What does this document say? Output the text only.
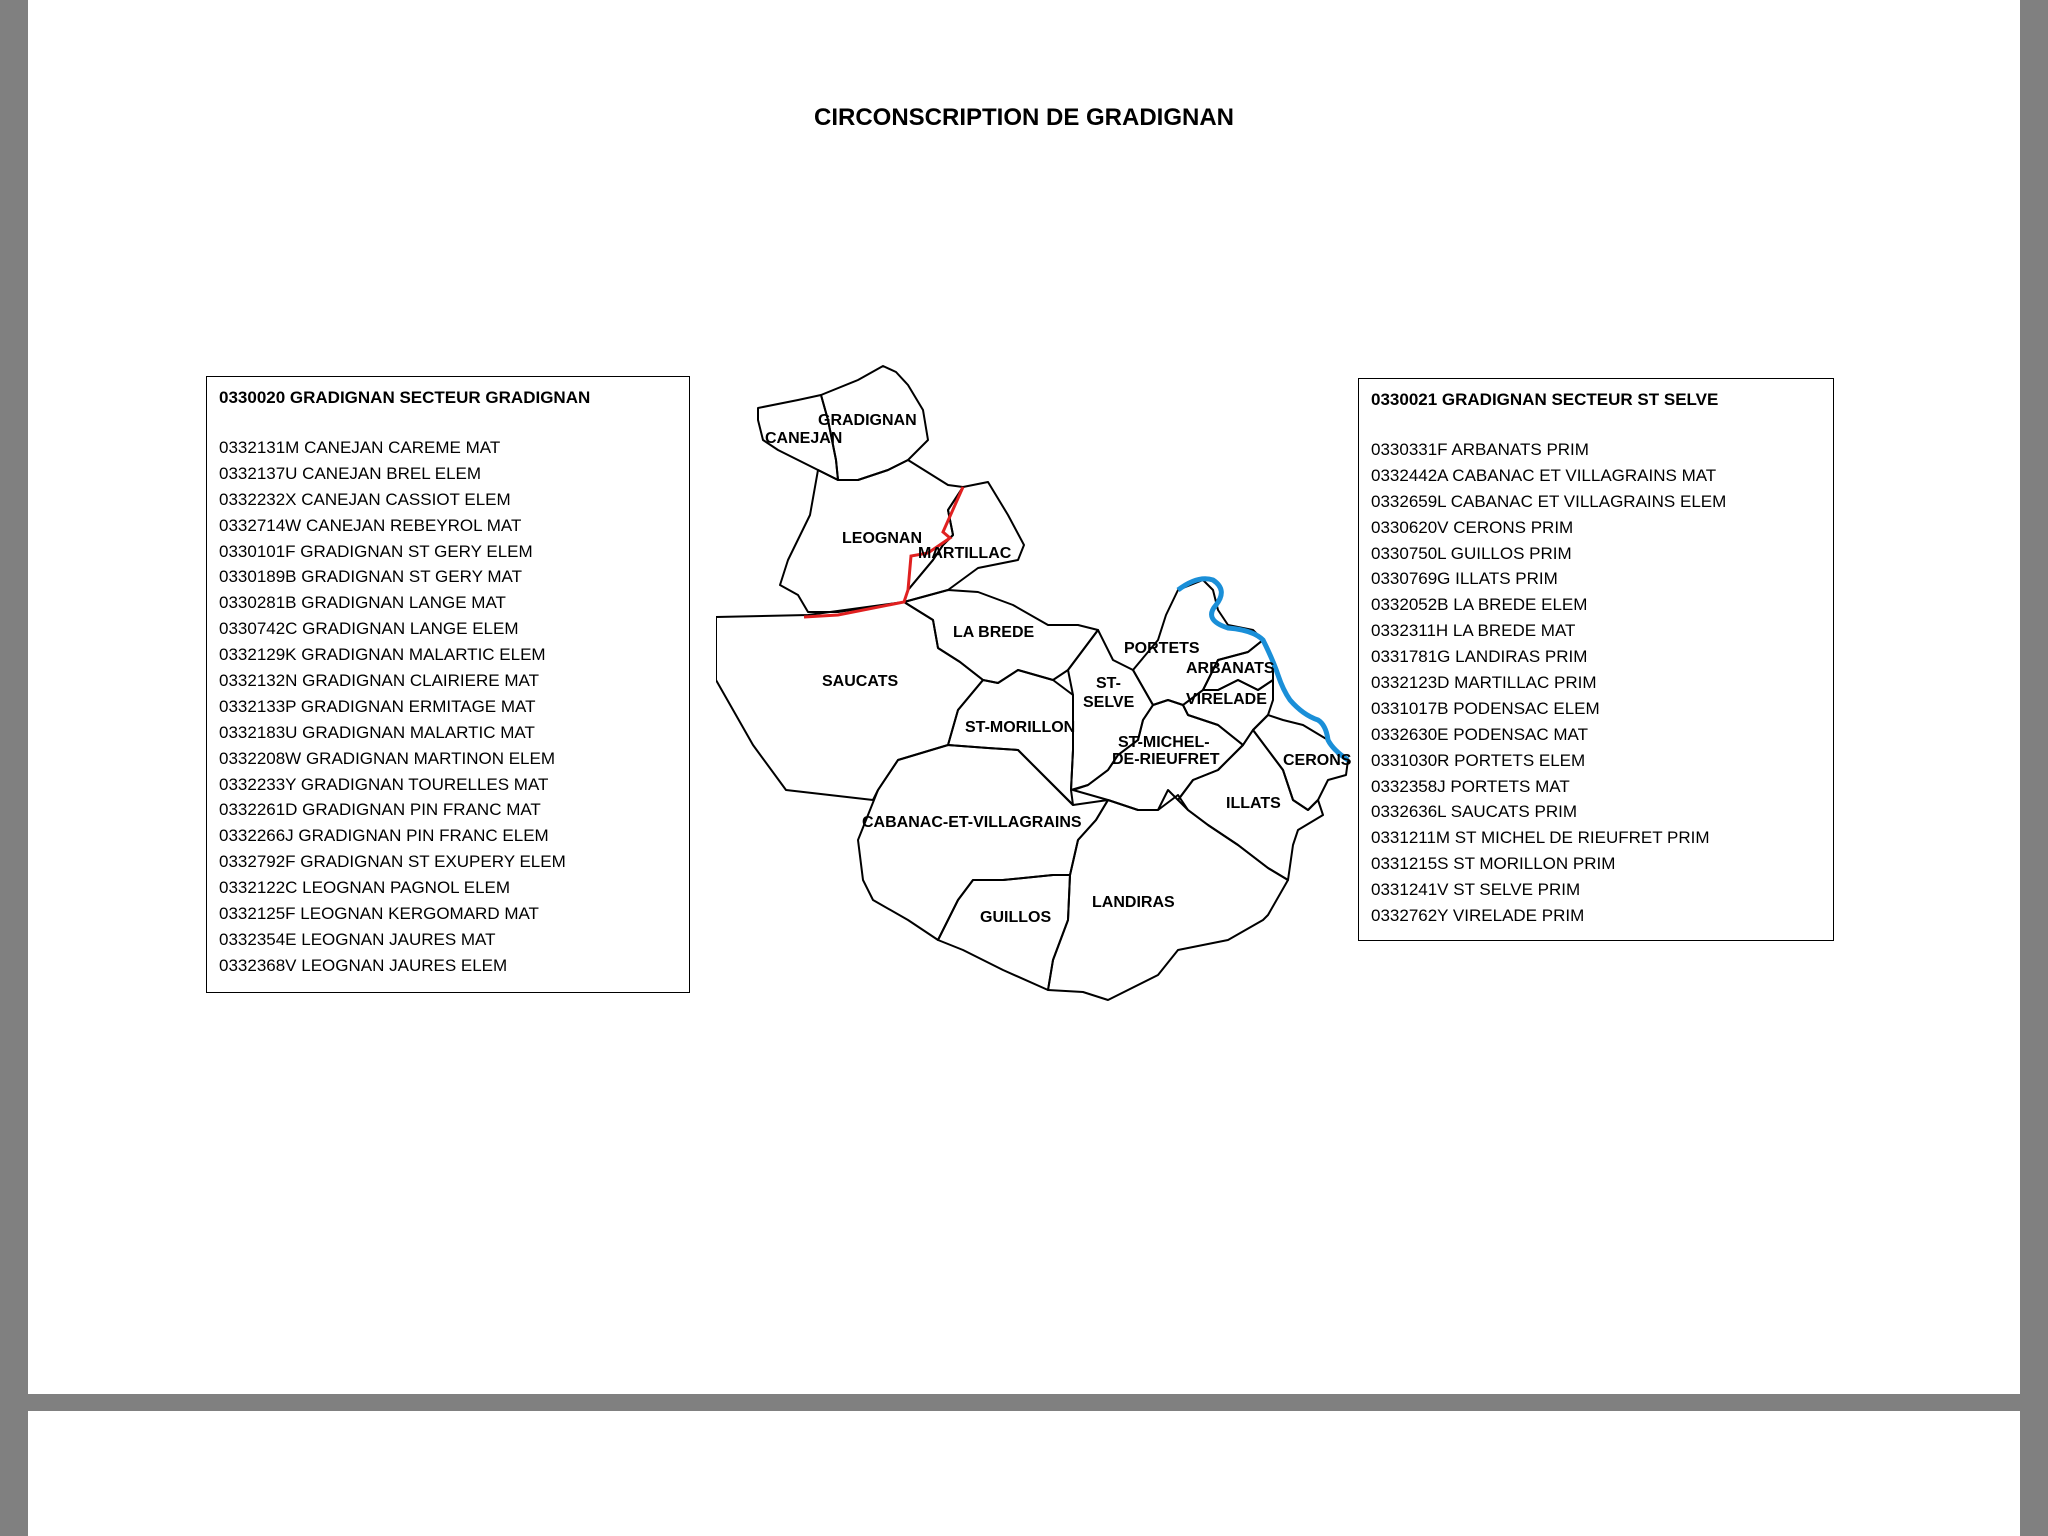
CIRCONSCRIPTION DE GRADIGNAN
0330020 GRADIGNAN SECTEUR GRADIGNAN
0332131M CANEJAN CAREME MAT
0332137U CANEJAN BREL ELEM
0332232X CANEJAN CASSIOT ELEM
0332714W CANEJAN REBEYROL MAT
0330101F GRADIGNAN ST GERY ELEM
0330189B GRADIGNAN ST GERY MAT
0330281B GRADIGNAN LANGE MAT
0330742C GRADIGNAN LANGE ELEM
0332129K GRADIGNAN MALARTIC ELEM
0332132N GRADIGNAN CLAIRIERE MAT
0332133P GRADIGNAN ERMITAGE MAT
0332183U GRADIGNAN MALARTIC MAT
0332208W GRADIGNAN MARTINON ELEM
0332233Y GRADIGNAN TOURELLES MAT
0332261D GRADIGNAN PIN FRANC MAT
0332266J GRADIGNAN PIN FRANC ELEM
0332792F GRADIGNAN ST EXUPERY ELEM
0332122C LEOGNAN PAGNOL ELEM
0332125F LEOGNAN KERGOMARD MAT
0332354E LEOGNAN JAURES MAT
0332368V LEOGNAN JAURES ELEM
0330021 GRADIGNAN SECTEUR ST SELVE
0330331F ARBANATS PRIM
0332442A CABANAC ET VILLAGRAINS MAT
0332659L CABANAC ET VILLAGRAINS ELEM
0330620V CERONS PRIM
0330750L GUILLOS PRIM
0330769G ILLATS PRIM
0332052B LA BREDE ELEM
0332311H LA BREDE MAT
0331781G LANDIRAS PRIM
0332123D MARTILLAC PRIM
0331017B PODENSAC ELEM
0332630E PODENSAC MAT
0331030R PORTETS ELEM
0332358J PORTETS MAT
0332636L SAUCATS PRIM
0331211M ST MICHEL DE RIEUFRET PRIM
0331215S ST MORILLON PRIM
0331241V ST SELVE PRIM
0332762Y VIRELADE PRIM
GRADIGNAN
CANEJAN
LEOGNAN
MARTILLAC
LA BREDE
SAUCATS	ST-
SELVE
PORTETS
ARBANATS
VIRELADE
ST-MORILLON
ST-MICHEL-
DE-RIEUFRET	CERONS
ILLATS
CABANAC-ET-VILLAGRAINS
GUILLOS
LANDIRAS
